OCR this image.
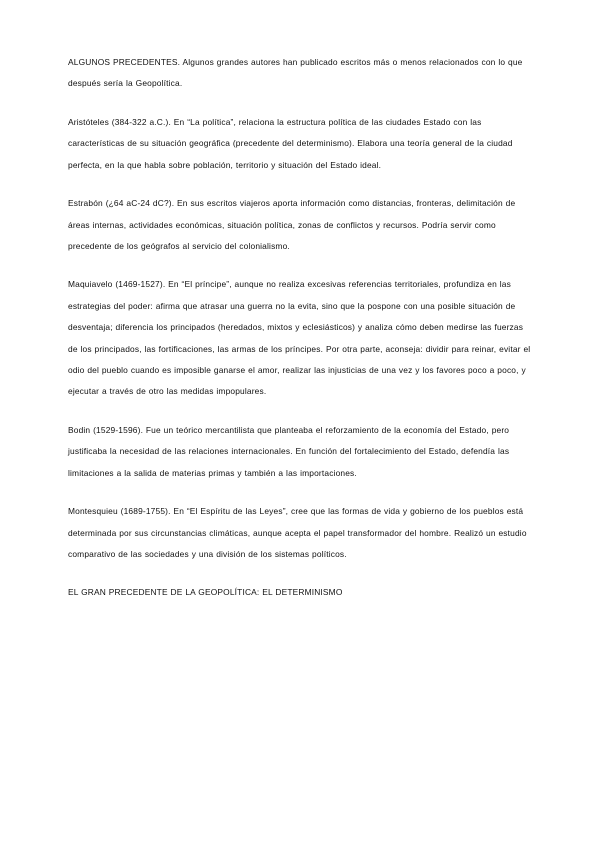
ALGUNOS PRECEDENTES. Algunos grandes autores han publicado escritos más o menos relacionados con lo que después sería la Geopolítica.

Aristóteles (384-322 a.C.). En “La política”, relaciona la estructura política de las ciudades Estado con las características de su situación geográfica (precedente del determinismo). Elabora una teoría general de la ciudad perfecta, en la que habla sobre población, territorio y situación del Estado ideal.

Estrabón (¿64 aC-24 dC?). En sus escritos viajeros aporta información como distancias, fronteras, delimitación de áreas internas, actividades económicas, situación política, zonas de conflictos y recursos. Podría servir como precedente de los geógrafos al servicio del colonialismo.

Maquiavelo (1469-1527). En “El príncipe”, aunque no realiza excesivas referencias territoriales, profundiza en las estrategias del poder: afirma que atrasar una guerra no la evita, sino que la pospone con una posible situación de desventaja; diferencia los principados (heredados, mixtos y eclesiásticos) y analiza cómo deben medirse las fuerzas de los principados, las fortificaciones, las armas de los príncipes. Por otra parte, aconseja: dividir para reinar, evitar el odio del pueblo cuando es imposible ganarse el amor, realizar las injusticias de una vez y los favores poco a poco, y ejecutar a través de otro las medidas impopulares.

Bodin (1529-1596). Fue un teórico mercantilista que planteaba el reforzamiento de la economía del Estado, pero justificaba la necesidad de las relaciones internacionales. En función del fortalecimiento del Estado, defendía las limitaciones a la salida de materias primas y también a las importaciones.

Montesquieu (1689-1755). En “El Espíritu de las Leyes”, cree que las formas de vida y gobierno de los pueblos está determinada por sus circunstancias climáticas, aunque acepta el papel transformador del hombre. Realizó un estudio comparativo de las sociedades y una división de los sistemas políticos.

EL GRAN PRECEDENTE DE LA GEOPOLÍTICA: EL DETERMINISMO
